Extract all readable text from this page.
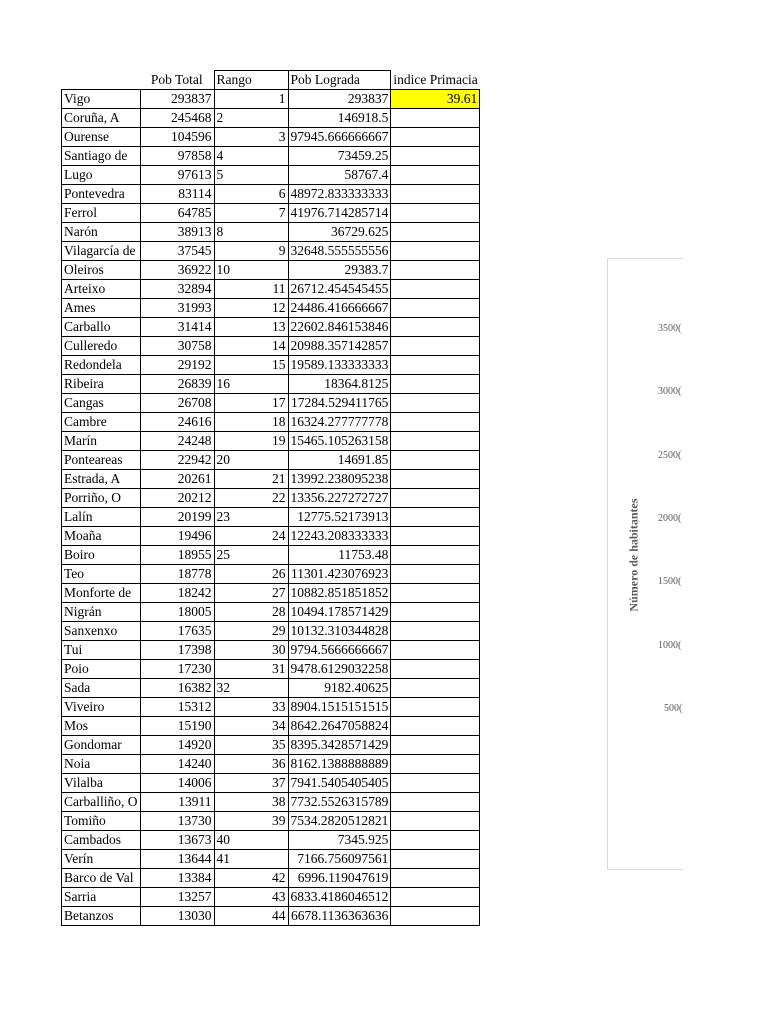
	Pob Total	Rango	Pob Lograda	indice Primacia
Vigo	293837	1	293837	39.61
Coruña, A	245468	2	146918.5	
Ourense	104596	3	97945.666666667	
Santiago de	97858	4	73459.25	
Lugo	97613	5	58767.4	
Pontevedra	83114	6	48972.833333333	
Ferrol	64785	7	41976.714285714	
Narón	38913	8	36729.625	
Vilagarcía de	37545	9	32648.555555556	
Oleiros	36922	10	29383.7	
Arteixo	32894	11	26712.454545455	
Ames	31993	12	24486.416666667	
Carballo	31414	13	22602.846153846	
Culleredo	30758	14	20988.357142857	
Redondela	29192	15	19589.133333333	
Ribeira	26839	16	18364.8125	
Cangas	26708	17	17284.529411765	
Cambre	24616	18	16324.277777778	
Marín	24248	19	15465.105263158	
Ponteareas	22942	20	14691.85	
Estrada, A	20261	21	13992.238095238	
Porriño, O	20212	22	13356.227272727	
Lalín	20199	23	12775.52173913	
Moaña	19496	24	12243.208333333	
Boiro	18955	25	11753.48	
Teo	18778	26	11301.423076923	
Monforte de	18242	27	10882.851851852	
Nigrán	18005	28	10494.178571429	
Sanxenxo	17635	29	10132.310344828	
Tui	17398	30	9794.5666666667	
Poio	17230	31	9478.6129032258	
Sada	16382	32	9182.40625	
Viveiro	15312	33	8904.1515151515	
Mos	15190	34	8642.2647058824	
Gondomar	14920	35	8395.3428571429	
Noia	14240	36	8162.1388888889	
Vilalba	14006	37	7941.5405405405	
Carballiño, O	13911	38	7732.5526315789	
Tomiño	13730	39	7534.2820512821	
Cambados	13673	40	7345.925	
Verín	13644	41	7166.756097561	
Barco de Val	13384	42	6996.119047619	
Sarria	13257	43	6833.4186046512	
Betanzos	13030	44	6678.1136363636	
Número de habitantes
3500(
3000(
2500(
2000(
1500(
1000(
500(
